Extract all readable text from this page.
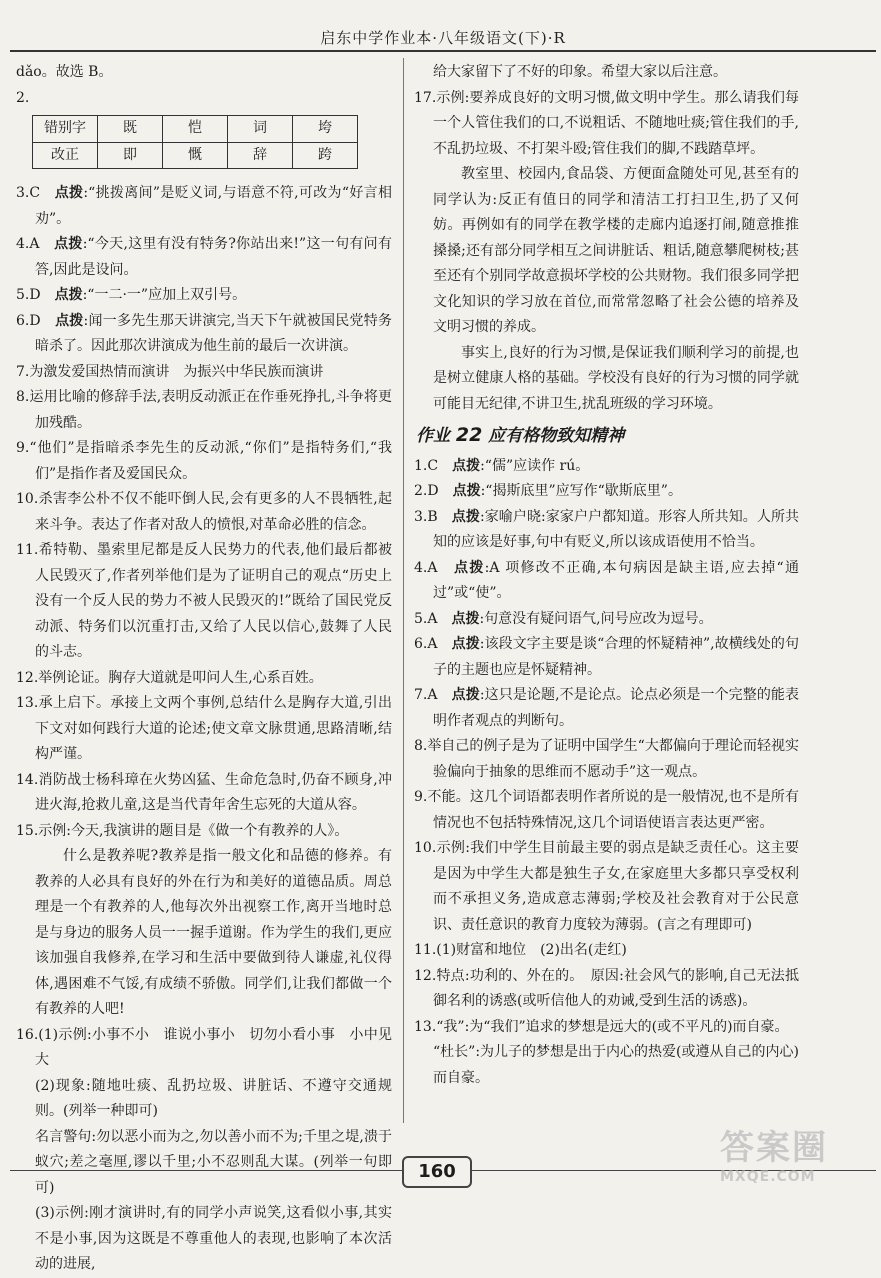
启东中学作业本·八年级语文(下)·R

dǎo。故选 B。

2.

错别字	既	恺	词	垮
改正	即	慨	辞	跨

3.C　点拨:“挑拨离间”是贬义词,与语意不符,可改为“好言相劝”。

4.A　点拨:“今天,这里有没有特务?你站出来!”这一句有问有答,因此是设问。

5.D　点拨:“一二·一”应加上双引号。

6.D　点拨:闻一多先生那天讲演完,当天下午就被国民党特务暗杀了。因此那次讲演成为他生前的最后一次讲演。

7.为激发爱国热情而演讲　为振兴中华民族而演讲

8.运用比喻的修辞手法,表明反动派正在作垂死挣扎,斗争将更加残酷。

9.“他们”是指暗杀李先生的反动派,“你们”是指特务们,“我们”是指作者及爱国民众。

10.杀害李公朴不仅不能吓倒人民,会有更多的人不畏牺牲,起来斗争。表达了作者对敌人的愤恨,对革命必胜的信念。

11.希特勒、墨索里尼都是反人民势力的代表,他们最后都被人民毁灭了,作者列举他们是为了证明自己的观点“历史上没有一个反人民的势力不被人民毁灭的!”既给了国民党反动派、特务们以沉重打击,又给了人民以信心,鼓舞了人民的斗志。

12.举例论证。胸存大道就是叩问人生,心系百姓。

13.承上启下。承接上文两个事例,总结什么是胸存大道,引出下文对如何践行大道的论述;使文章文脉贯通,思路清晰,结构严谨。

14.消防战士杨科璋在火势凶猛、生命危急时,仍奋不顾身,冲进火海,抢救儿童,这是当代青年舍生忘死的大道从容。

15.示例:今天,我演讲的题目是《做一个有教养的人》。

什么是教养呢?教养是指一般文化和品德的修养。有教养的人必具有良好的外在行为和美好的道德品质。周总理是一个有教养的人,他每次外出视察工作,离开当地时总是与身边的服务人员一一握手道谢。作为学生的我们,更应该加强自我修养,在学习和生活中要做到待人谦虚,礼仪得体,遇困难不气馁,有成绩不骄傲。同学们,让我们都做一个有教养的人吧!

16.(1)示例:小事不小　谁说小事小　切勿小看小事　小中见大

(2)现象:随地吐痰、乱扔垃圾、讲脏话、不遵守交通规则。(列举一种即可)

名言警句:勿以恶小而为之,勿以善小而不为;千里之堤,溃于蚁穴;差之毫厘,谬以千里;小不忍则乱大谋。(列举一句即可)

(3)示例:刚才演讲时,有的同学小声说笑,这看似小事,其实不是小事,因为这既是不尊重他人的表现,也影响了本次活动的进展,

给大家留下了不好的印象。希望大家以后注意。

17.示例:要养成良好的文明习惯,做文明中学生。那么请我们每一个人管住我们的口,不说粗话、不随地吐痰;管住我们的手,不乱扔垃圾、不打架斗殴;管住我们的脚,不践踏草坪。

教室里、校园内,食品袋、方便面盒随处可见,甚至有的同学认为:反正有值日的同学和清洁工打扫卫生,扔了又何妨。再例如有的同学在教学楼的走廊内追逐打闹,随意推推搡搡;还有部分同学相互之间讲脏话、粗话,随意攀爬树枝;甚至还有个别同学故意损坏学校的公共财物。我们很多同学把文化知识的学习放在首位,而常常忽略了社会公德的培养及文明习惯的养成。

事实上,良好的行为习惯,是保证我们顺利学习的前提,也是树立健康人格的基础。学校没有良好的行为习惯的同学就可能目无纪律,不讲卫生,扰乱班级的学习环境。

作业 22 应有格物致知精神

1.C　点拨:“儒”应读作 rú。

2.D　点拨:“揭斯底里”应写作“歇斯底里”。

3.B　点拨:家喻户晓:家家户户都知道。形容人所共知。人所共知的应该是好事,句中有贬义,所以该成语使用不恰当。

4.A　点拨:A 项修改不正确,本句病因是缺主语,应去掉“通过”或“使”。

5.A　点拨:句意没有疑问语气,问号应改为逗号。

6.A　点拨:该段文字主要是谈“合理的怀疑精神”,故横线处的句子的主题也应是怀疑精神。

7.A　点拨:这只是论题,不是论点。论点必须是一个完整的能表明作者观点的判断句。

8.举自己的例子是为了证明中国学生“大都偏向于理论而轻视实验偏向于抽象的思维而不愿动手”这一观点。

9.不能。这几个词语都表明作者所说的是一般情况,也不是所有情况也不包括特殊情况,这几个词语使语言表达更严密。

10.示例:我们中学生目前最主要的弱点是缺乏责任心。这主要是因为中学生大都是独生子女,在家庭里大多都只享受权利而不承担义务,造成意志薄弱;学校及社会教育对于公民意识、责任意识的教育力度较为薄弱。(言之有理即可)

11.(1)财富和地位　(2)出名(走红)

12.特点:功利的、外在的。　原因:社会风气的影响,自己无法抵御名利的诱惑(或听信他人的劝诫,受到生活的诱惑)。

13.“我”:为“我们”追求的梦想是远大的(或不平凡的)而自豪。

“杜长”:为儿子的梦想是出于内心的热爱(或遵从自己的内心)而自豪。

160
答案圈
MXQE.COM
